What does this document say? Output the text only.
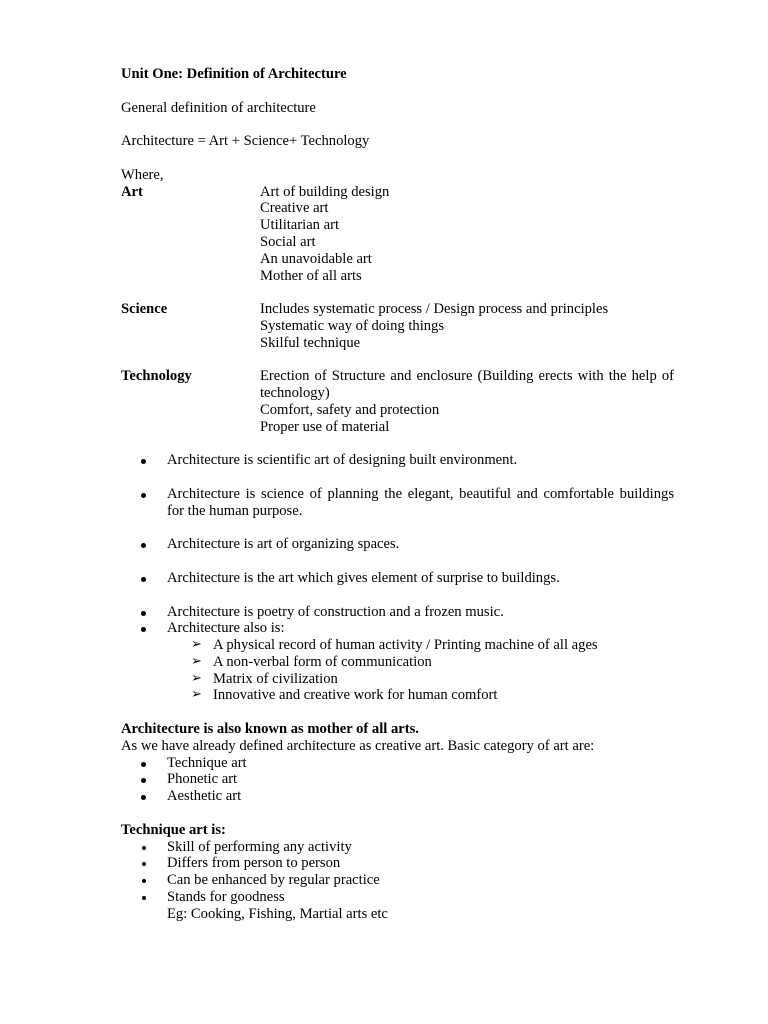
Unit One: Definition of Architecture
General definition of architecture
Architecture = Art + Science+ Technology
Where,
Art	Art of building design
Creative art
Utilitarian art
Social art
An unavoidable art
Mother of all arts
Science	Includes systematic process / Design process and principles
Systematic way of doing things
Skilful technique
Technology	Erection of Structure and enclosure (Building erects with the help of technology)
Comfort, safety and protection
Proper use of material
Architecture is scientific art of designing built environment.
Architecture is science of planning the elegant, beautiful and comfortable buildings for the human purpose.
Architecture is art of organizing spaces.
Architecture is the art which gives element of surprise to buildings.
Architecture is poetry of construction and a frozen music.
Architecture also is:
➢ A physical record of human activity / Printing machine of all ages
➢ A non-verbal form of communication
➢ Matrix of civilization
➢ Innovative and creative work for human comfort
Architecture is also known as mother of all arts.
As we have already defined architecture as creative art. Basic category of art are:
Technique art
Phonetic art
Aesthetic art
Technique art is:
Skill of performing any activity
Differs from person to person
Can be enhanced by regular practice
Stands for goodness
Eg: Cooking, Fishing, Martial arts etc
